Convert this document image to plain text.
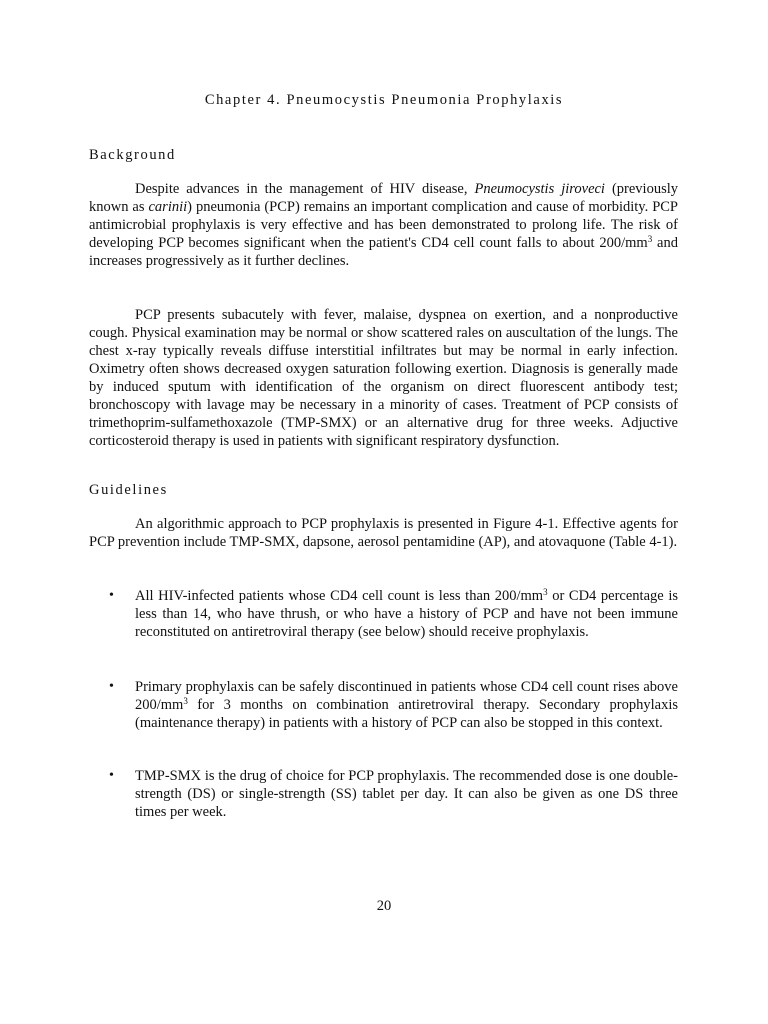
Chapter 4. Pneumocystis Pneumonia Prophylaxis
Background

Despite advances in the management of HIV disease, Pneumocystis jiroveci (previously known as carinii) pneumonia (PCP) remains an important complication and cause of morbidity. PCP antimicrobial prophylaxis is very effective and has been demonstrated to prolong life. The risk of developing PCP becomes significant when the patient's CD4 cell count falls to about $200/mm^3$ and increases progressively as it further declines.

PCP presents subacutely with fever, malaise, dyspnea on exertion, and a nonproductive cough. Physical examination may be normal or show scattered rales on auscultation of the lungs. The chest x-ray typically reveals diffuse interstitial infiltrates but may be normal in early infection. Oximetry often shows decreased oxygen saturation following exertion. Diagnosis is generally made by induced sputum with identification of the organism on direct fluorescent antibody test; bronchoscopy with lavage may be necessary in a minority of cases. Treatment of PCP consists of trimethoprim-sulfamethoxazole (TMP-SMX) or an alternative drug for three weeks. Adjuctive corticosteroid therapy is used in patients with significant respiratory dysfunction.

Guidelines

An algorithmic approach to PCP prophylaxis is presented in Figure 4-1. Effective agents for PCP prevention include TMP-SMX, dapsone, aerosol pentamidine (AP), and atovaquone (Table 4-1).

• All HIV-infected patients whose CD4 cell count is less than $200/mm^3$ or CD4 percentage is less than 14, who have thrush, or who have a history of PCP and have not been immune reconstituted on antiretroviral therapy (see below) should receive prophylaxis.

• Primary prophylaxis can be safely discontinued in patients whose CD4 cell count rises above $200/mm^3$ for 3 months on combination antiretroviral therapy. Secondary prophylaxis (maintenance therapy) in patients with a history of PCP can also be stopped in this context.

• TMP-SMX is the drug of choice for PCP prophylaxis. The recommended dose is one double-strength (DS) or single-strength (SS) tablet per day. It can also be given as one DS three times per week.

20
